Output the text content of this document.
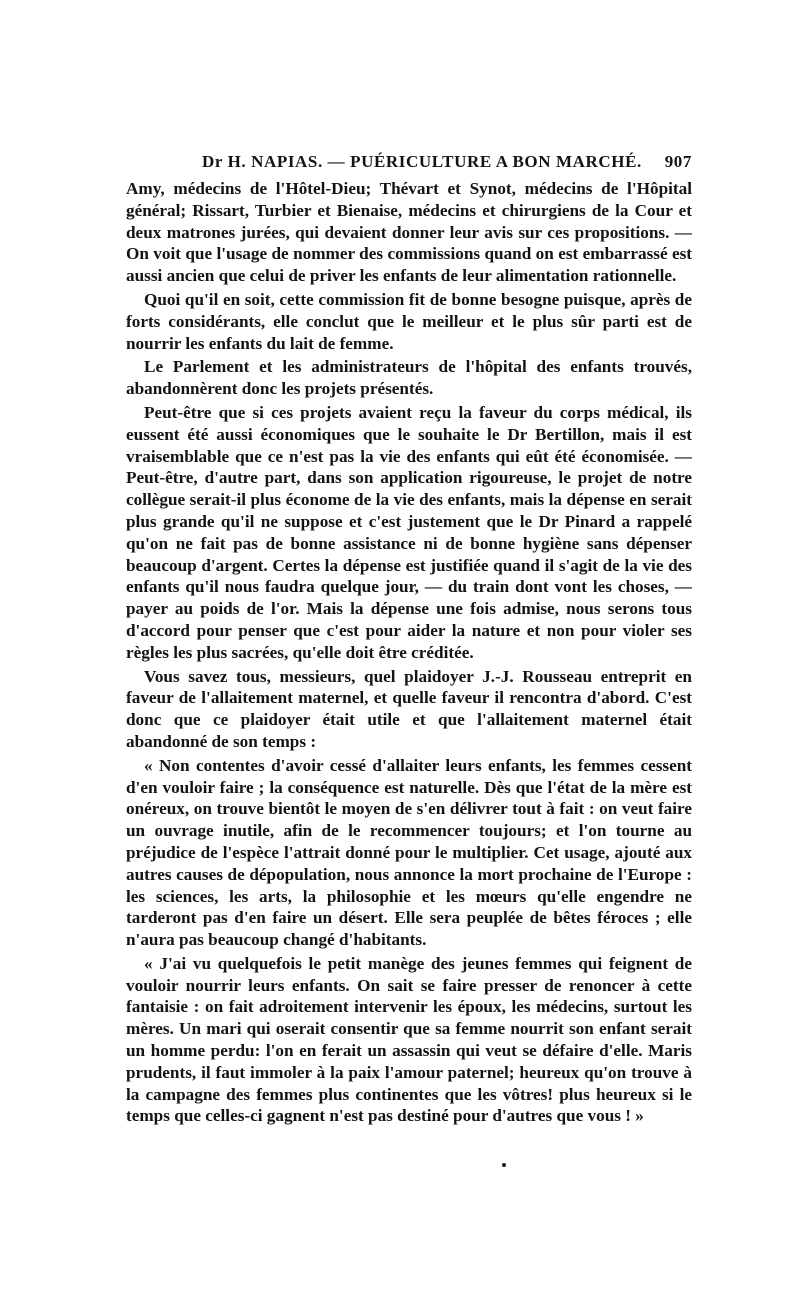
Dr H. NAPIAS. — PUÉRICULTURE A BON MARCHÉ. 907

Amy, médecins de l'Hôtel-Dieu; Thévart et Synot, médecins de l'Hôpital général; Rissart, Turbier et Bienaise, médecins et chirurgiens de la Cour et deux matrones jurées, qui devaient donner leur avis sur ces propositions. — On voit que l'usage de nommer des commissions quand on est embarrassé est aussi ancien que celui de priver les enfants de leur alimentation rationnelle.

Quoi qu'il en soit, cette commission fit de bonne besogne puisque, après de forts considérants, elle conclut que le meilleur et le plus sûr parti est de nourrir les enfants du lait de femme.

Le Parlement et les administrateurs de l'hôpital des enfants trouvés, abandonnèrent donc les projets présentés.

Peut-être que si ces projets avaient reçu la faveur du corps médical, ils eussent été aussi économiques que le souhaite le Dr Bertillon, mais il est vraisemblable que ce n'est pas la vie des enfants qui eût été économisée. — Peut-être, d'autre part, dans son application rigoureuse, le projet de notre collègue serait-il plus économe de la vie des enfants, mais la dépense en serait plus grande qu'il ne suppose et c'est justement que le Dr Pinard a rappelé qu'on ne fait pas de bonne assistance ni de bonne hygiène sans dépenser beaucoup d'argent. Certes la dépense est justifiée quand il s'agit de la vie des enfants qu'il nous faudra quelque jour, — du train dont vont les choses, — payer au poids de l'or. Mais la dépense une fois admise, nous serons tous d'accord pour penser que c'est pour aider la nature et non pour violer ses règles les plus sacrées, qu'elle doit être créditée.

Vous savez tous, messieurs, quel plaidoyer J.-J. Rousseau entreprit en faveur de l'allaitement maternel, et quelle faveur il rencontra d'abord. C'est donc que ce plaidoyer était utile et que l'allaitement maternel était abandonné de son temps :

« Non contentes d'avoir cessé d'allaiter leurs enfants, les femmes cessent d'en vouloir faire ; la conséquence est naturelle. Dès que l'état de la mère est onéreux, on trouve bientôt le moyen de s'en délivrer tout à fait : on veut faire un ouvrage inutile, afin de le recommencer toujours; et l'on tourne au préjudice de l'espèce l'attrait donné pour le multiplier. Cet usage, ajouté aux autres causes de dépopulation, nous annonce la mort prochaine de l'Europe : les sciences, les arts, la philosophie et les mœurs qu'elle engendre ne tarderont pas d'en faire un désert. Elle sera peuplée de bêtes féroces ; elle n'aura pas beaucoup changé d'habitants.

« J'ai vu quelquefois le petit manège des jeunes femmes qui feignent de vouloir nourrir leurs enfants. On sait se faire presser de renoncer à cette fantaisie : on fait adroitement intervenir les époux, les médecins, surtout les mères. Un mari qui oserait consentir que sa femme nourrit son enfant serait un homme perdu: l'on en ferait un assassin qui veut se défaire d'elle. Maris prudents, il faut immoler à la paix l'amour paternel; heureux qu'on trouve à la campagne des femmes plus continentes que les vôtres! plus heureux si le temps que celles-ci gagnent n'est pas destiné pour d'autres que vous ! »
